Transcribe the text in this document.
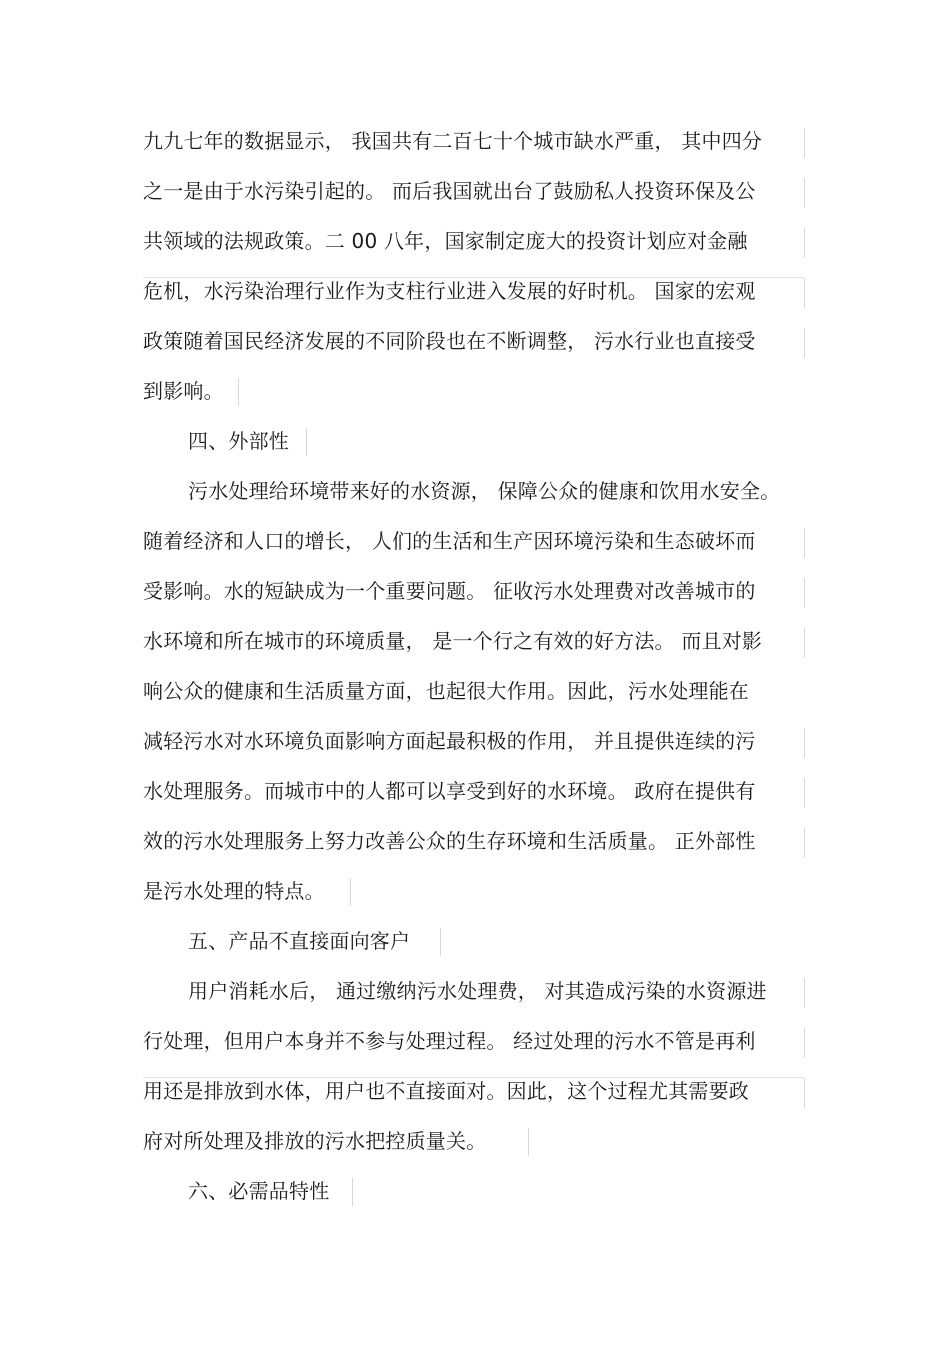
九九七年的数据显示， 我国共有二百七十个城市缺水严重， 其中四分
之一是由于水污染引起的。 而后我国就出台了鼓励私人投资环保及公
共领域的法规政策。二 00 八年，国家制定庞大的投资计划应对金融
危机，水污染治理行业作为支柱行业进入发展的好时机。 国家的宏观
政策随着国民经济发展的不同阶段也在不断调整， 污水行业也直接受
到影响。
四、外部性
污水处理给环境带来好的水资源， 保障公众的健康和饮用水安全。
随着经济和人口的增长， 人们的生活和生产因环境污染和生态破坏而
受影响。水的短缺成为一个重要问题。 征收污水处理费对改善城市的
水环境和所在城市的环境质量， 是一个行之有效的好方法。 而且对影
响公众的健康和生活质量方面，也起很大作用。因此，污水处理能在
减轻污水对水环境负面影响方面起最积极的作用， 并且提供连续的污
水处理服务。而城市中的人都可以享受到好的水环境。 政府在提供有
效的污水处理服务上努力改善公众的生存环境和生活质量。 正外部性
是污水处理的特点。
五、产品不直接面向客户
用户消耗水后， 通过缴纳污水处理费， 对其造成污染的水资源进
行处理，但用户本身并不参与处理过程。 经过处理的污水不管是再利
用还是排放到水体，用户也不直接面对。因此，这个过程尤其需要政
府对所处理及排放的污水把控质量关。
六、必需品特性
